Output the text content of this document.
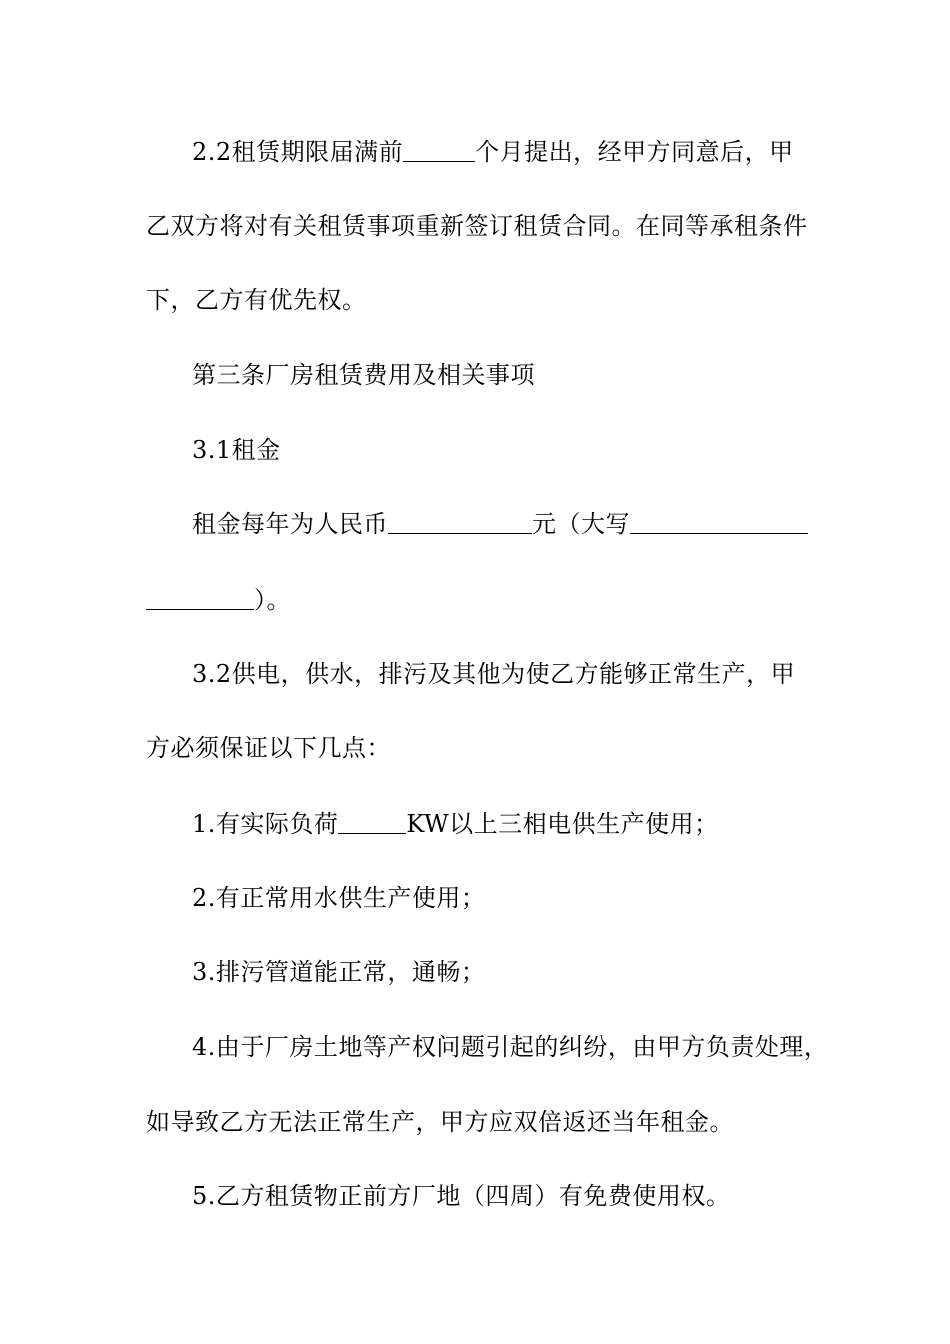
2.2租赁期限届满前	个月提出，经甲方同意后，甲
乙双方将对有关租赁事项重新签订租赁合同。在同等承租条件
下，乙方有优先权。
第三条厂房租赁费用及相关事项
3.1租金
租金每年为人民币	元（大写
）。
3.2供电，供水，排污及其他为使乙方能够正常生产，甲
方必须保证以下几点：
1.有实际负荷	KW以上三相电供生产使用；
2.有正常用水供生产使用；
3.排污管道能正常，通畅；
4.由于厂房土地等产权问题引起的纠纷，由甲方负责处理，
如导致乙方无法正常生产，甲方应双倍返还当年租金。
5.乙方租赁物正前方厂地（四周）有免费使用权。
